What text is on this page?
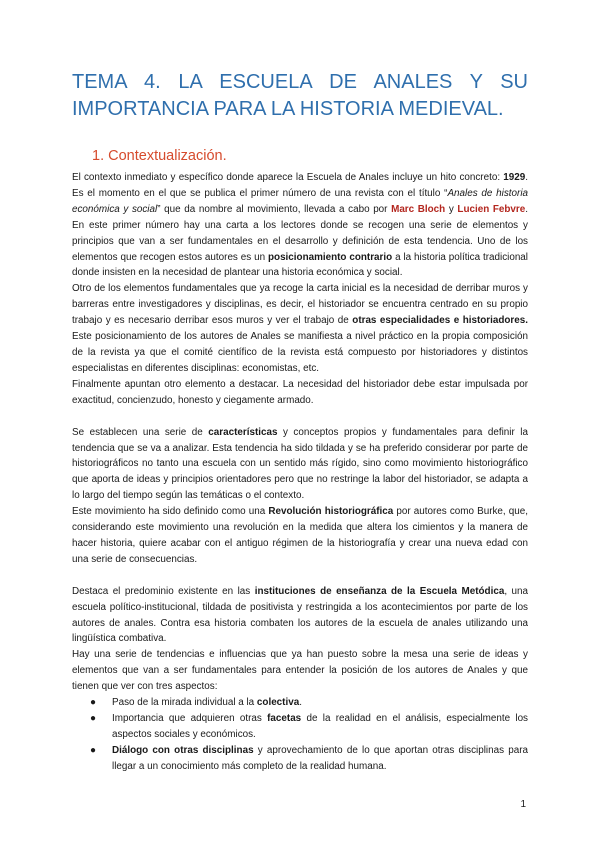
TEMA 4. LA ESCUELA DE ANALES Y SU IMPORTANCIA PARA LA HISTORIA MEDIEVAL.
1. Contextualización.

El contexto inmediato y específico donde aparece la Escuela de Anales incluye un hito concreto: 1929. Es el momento en el que se publica el primer número de una revista con el título “Anales de historia económica y social” que da nombre al movimiento, llevada a cabo por Marc Bloch y Lucien Febvre. En este primer número hay una carta a los lectores donde se recogen una serie de elementos y principios que van a ser fundamentales en el desarrollo y definición de esta tendencia. Uno de los elementos que recogen estos autores es un posicionamiento contrario a la historia política tradicional donde insisten en la necesidad de plantear una historia económica y social.

Otro de los elementos fundamentales que ya recoge la carta inicial es la necesidad de derribar muros y barreras entre investigadores y disciplinas, es decir, el historiador se encuentra centrado en su propio trabajo y es necesario derribar esos muros y ver el trabajo de otras especialidades e historiadores. Este posicionamiento de los autores de Anales se manifiesta a nivel práctico en la propia composición de la revista ya que el comité científico de la revista está compuesto por historiadores y distintos especialistas en diferentes disciplinas: economistas, etc.

Finalmente apuntan otro elemento a destacar. La necesidad del historiador debe estar impulsada por exactitud, concienzudo, honesto y ciegamente armado.

Se establecen una serie de características y conceptos propios y fundamentales para definir la tendencia que se va a analizar. Esta tendencia ha sido tildada y se ha preferido considerar por parte de historiográficos no tanto una escuela con un sentido más rígido, sino como movimiento historiográfico que aporta de ideas y principios orientadores pero que no restringe la labor del historiador, se adapta a lo largo del tiempo según las temáticas o el contexto.

Este movimiento ha sido definido como una Revolución historiográfica por autores como Burke, que, considerando este movimiento una revolución en la medida que altera los cimientos y la manera de hacer historia, quiere acabar con el antiguo régimen de la historiografía y crear una nueva edad con una serie de consecuencias.

Destaca el predominio existente en las instituciones de enseñanza de la Escuela Metódica, una escuela político-institucional, tildada de positivista y restringida a los acontecimientos por parte de los autores de anales. Contra esa historia combaten los autores de la escuela de anales utilizando una lingüística combativa.

Hay una serie de tendencias e influencias que ya han puesto sobre la mesa una serie de ideas y elementos que van a ser fundamentales para entender la posición de los autores de Anales y que tienen que ver con tres aspectos:

● Paso de la mirada individual a la colectiva.
● Importancia que adquieren otras facetas de la realidad en el análisis, especialmente los aspectos sociales y económicos.
● Diálogo con otras disciplinas y aprovechamiento de lo que aportan otras disciplinas para llegar a un conocimiento más completo de la realidad humana.
1
